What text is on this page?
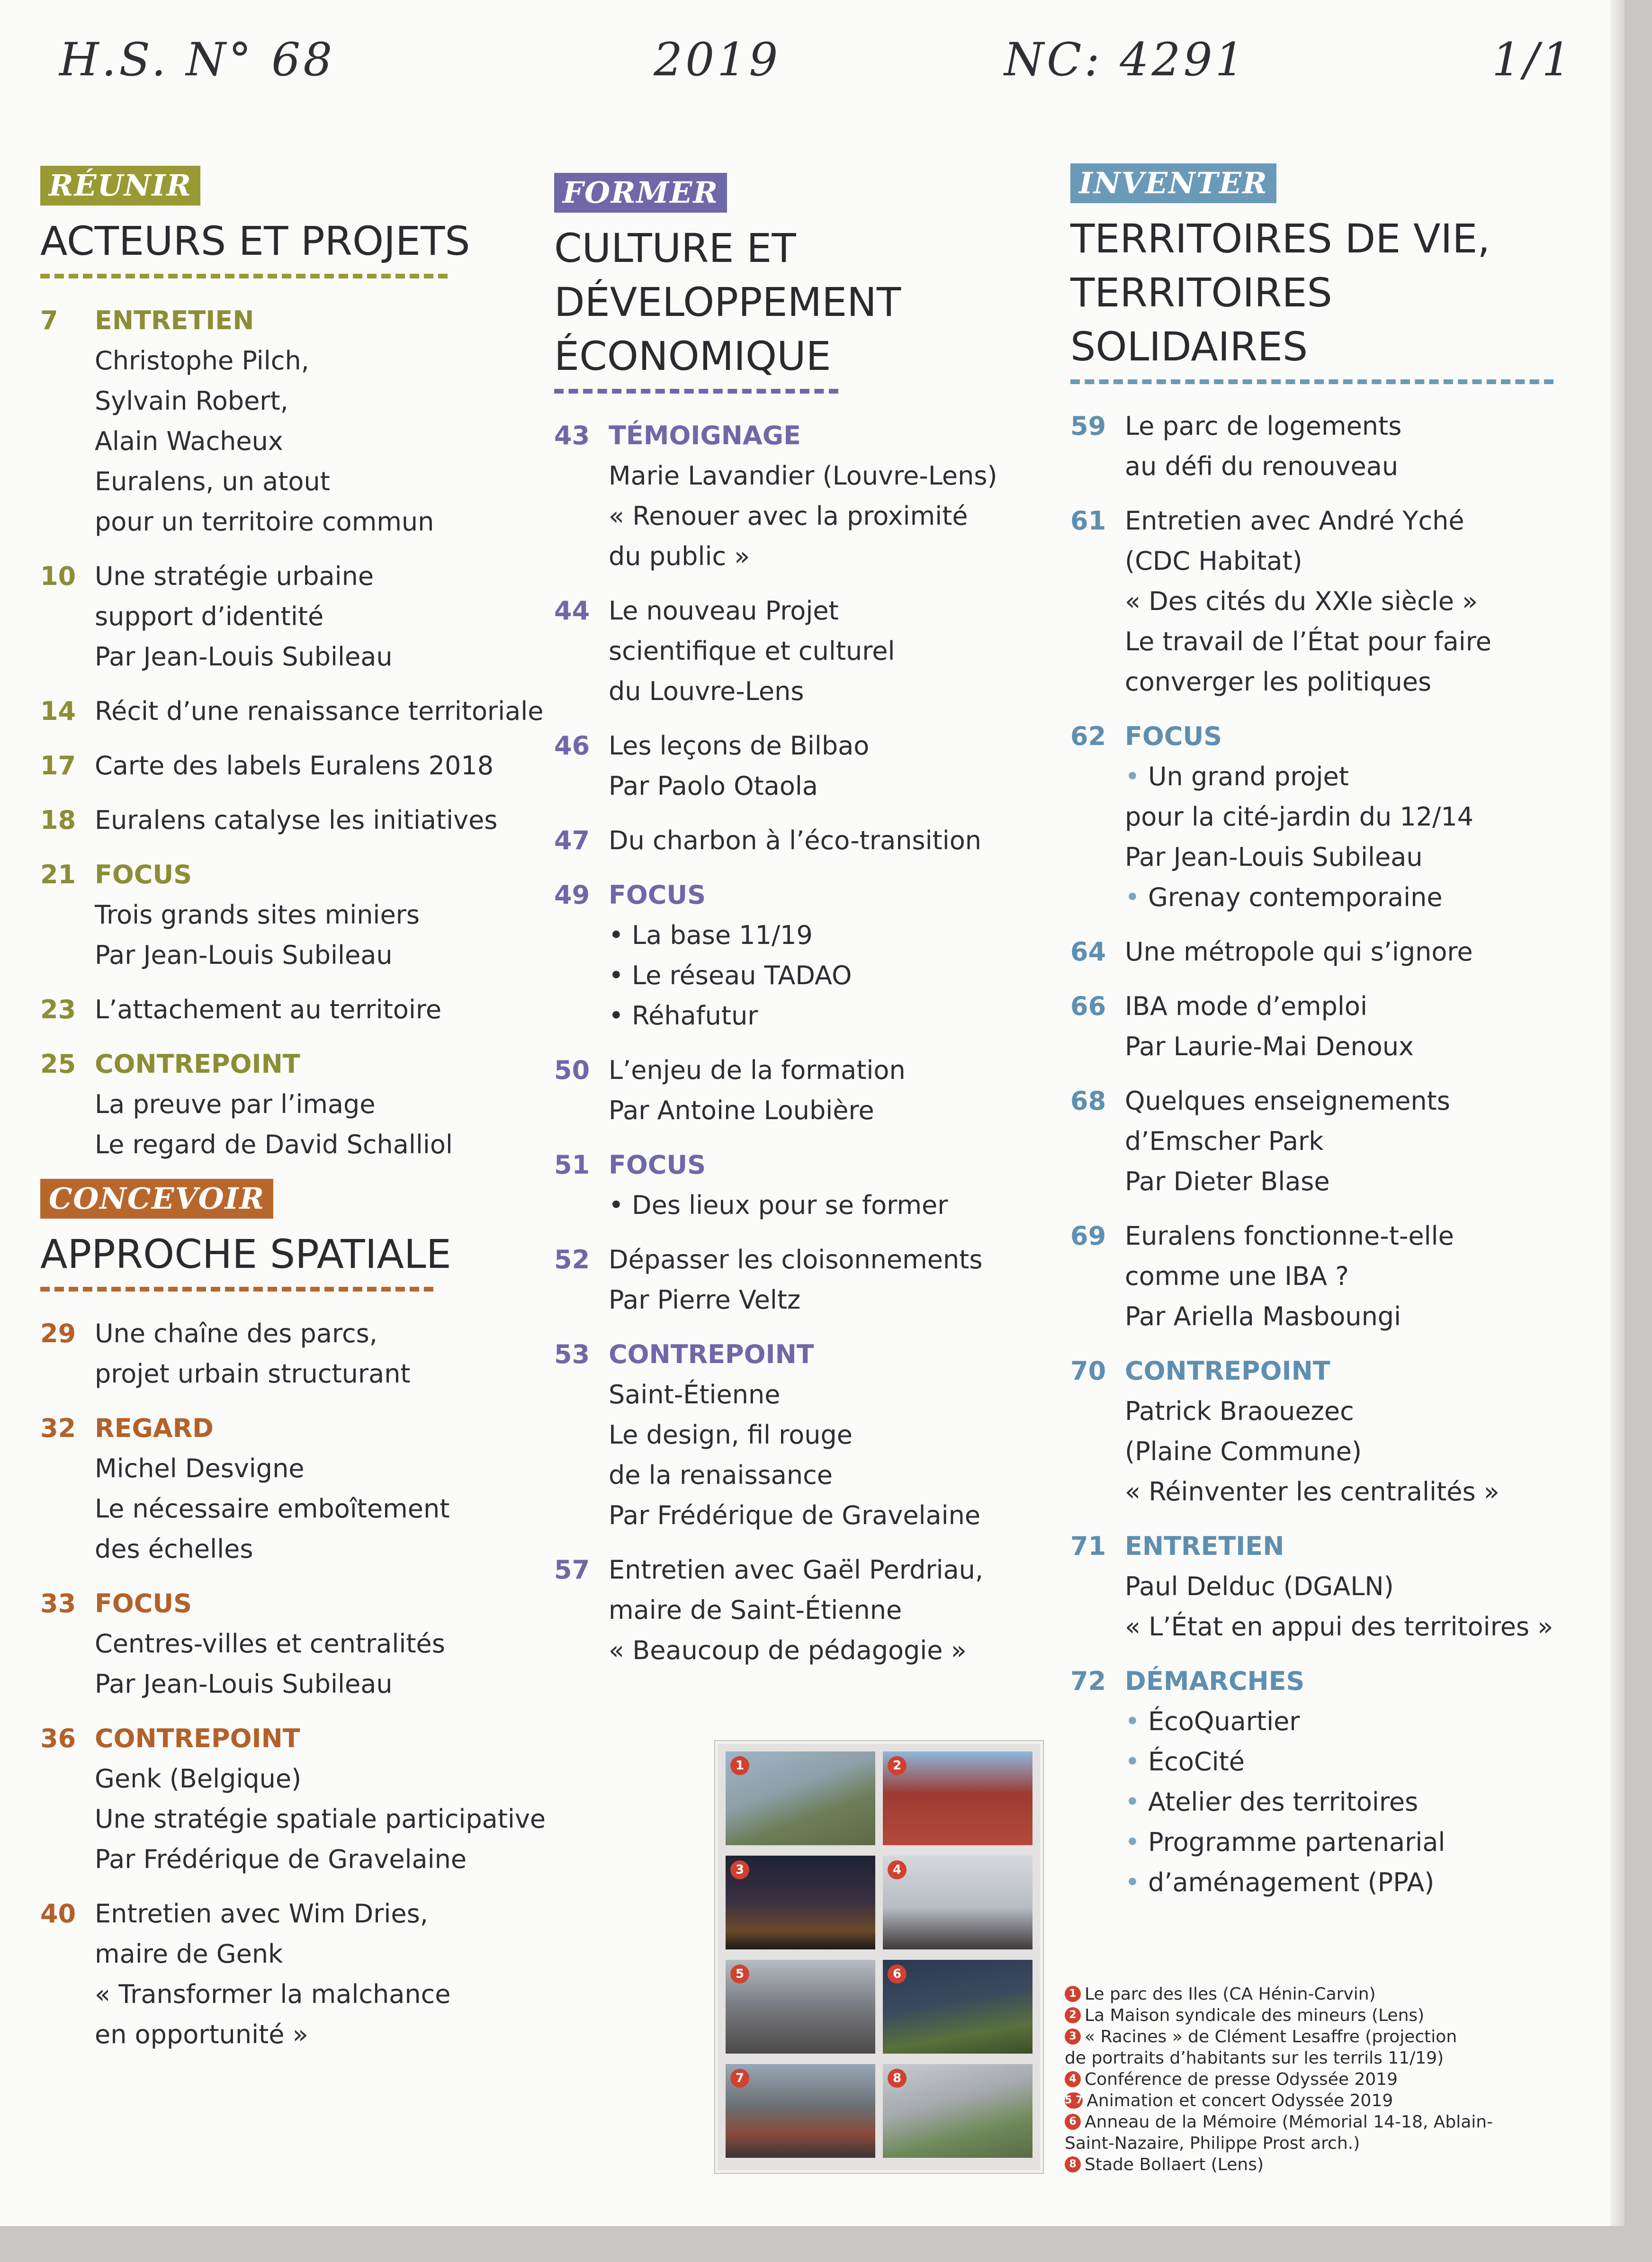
H.S. N° 68	2019	NC: 4291	1/1
RÉUNIR
ACTEURS ET PROJETS
7	ENTRETIEN
Christophe Pilch,
Sylvain Robert,
Alain Wacheux
Euralens, un atout
pour un territoire commun
10 Une stratégie urbaine
support d’identité
Par Jean-Louis Subileau
14 Récit d’une renaissance territoriale
17 Carte des labels Euralens 2018
18 Euralens catalyse les initiatives
21 FOCUS
Trois grands sites miniers
Par Jean-Louis Subileau
23 L’attachement au territoire
25 CONTREPOINT
La preuve par l’image
Le regard de David Schalliol
CONCEVOIR
APPROCHE SPATIALE
29 Une chaîne des parcs,
projet urbain structurant
32 REGARD
Michel Desvigne
Le nécessaire emboîtement
des échelles
33 FOCUS
Centres-villes et centralités
Par Jean-Louis Subileau
36 CONTREPOINT
Genk (Belgique)
Une stratégie spatiale participative
Par Frédérique de Gravelaine
40 Entretien avec Wim Dries,
maire de Genk
« Transformer la malchance
en opportunité »
FORMER
CULTURE ET
DÉVELOPPEMENT
ÉCONOMIQUE
43 TÉMOIGNAGE
Marie Lavandier (Louvre-Lens)
« Renouer avec la proximité
du public »
44 Le nouveau Projet
scientifique et culturel
du Louvre-Lens
46 Les leçons de Bilbao
Par Paolo Otaola
47 Du charbon à l’éco-transition
49 FOCUS
• La base 11/19
• Le réseau TADAO
• Réhafutur
50 L’enjeu de la formation
Par Antoine Loubière
51 FOCUS
• Des lieux pour se former
52 Dépasser les cloisonnements
Par Pierre Veltz
53 CONTREPOINT
Saint-Étienne
Le design, fil rouge
de la renaissance
Par Frédérique de Gravelaine
57 Entretien avec Gaël Perdriau,
maire de Saint-Étienne
« Beaucoup de pédagogie »
INVENTER
TERRITOIRES DE VIE,
TERRITOIRES SOLIDAIRES
59 Le parc de logements
au défi du renouveau
61 Entretien avec André Yché
(CDC Habitat)
« Des cités du XXIe siècle »
Le travail de l’État pour faire
converger les politiques
62 FOCUS
• Un grand projet
pour la cité-jardin du 12/14
Par Jean-Louis Subileau
• Grenay contemporaine
64 Une métropole qui s’ignore
66 IBA mode d’emploi
Par Laurie-Mai Denoux
68 Quelques enseignements
d’Emscher Park
Par Dieter Blase
69 Euralens fonctionne-t-elle
comme une IBA ?
Par Ariella Masboungi
70 CONTREPOINT
Patrick Braouezec
(Plaine Commune)
« Réinventer les centralités »
71 ENTRETIEN
Paul Delduc (DGALN)
« L’État en appui des territoires »
72 DÉMARCHES
• ÉcoQuartier
• ÉcoCité
• Atelier des territoires
• Programme partenarial
• d’aménagement (PPA)
1	2
3	4
5	6
7	8
1 Le parc des Iles (CA Hénin-Carvin)
2 La Maison syndicale des mineurs (Lens)
3 « Racines » de Clément Lesaffre (projection
de portraits d’habitants sur les terrils 11/19)
4 Conférence de presse Odyssée 2019
5 7 Animation et concert Odyssée 2019
6 Anneau de la Mémoire (Mémorial 14-18, Ablain-
Saint-Nazaire, Philippe Prost arch.)
8 Stade Bollaert (Lens)
